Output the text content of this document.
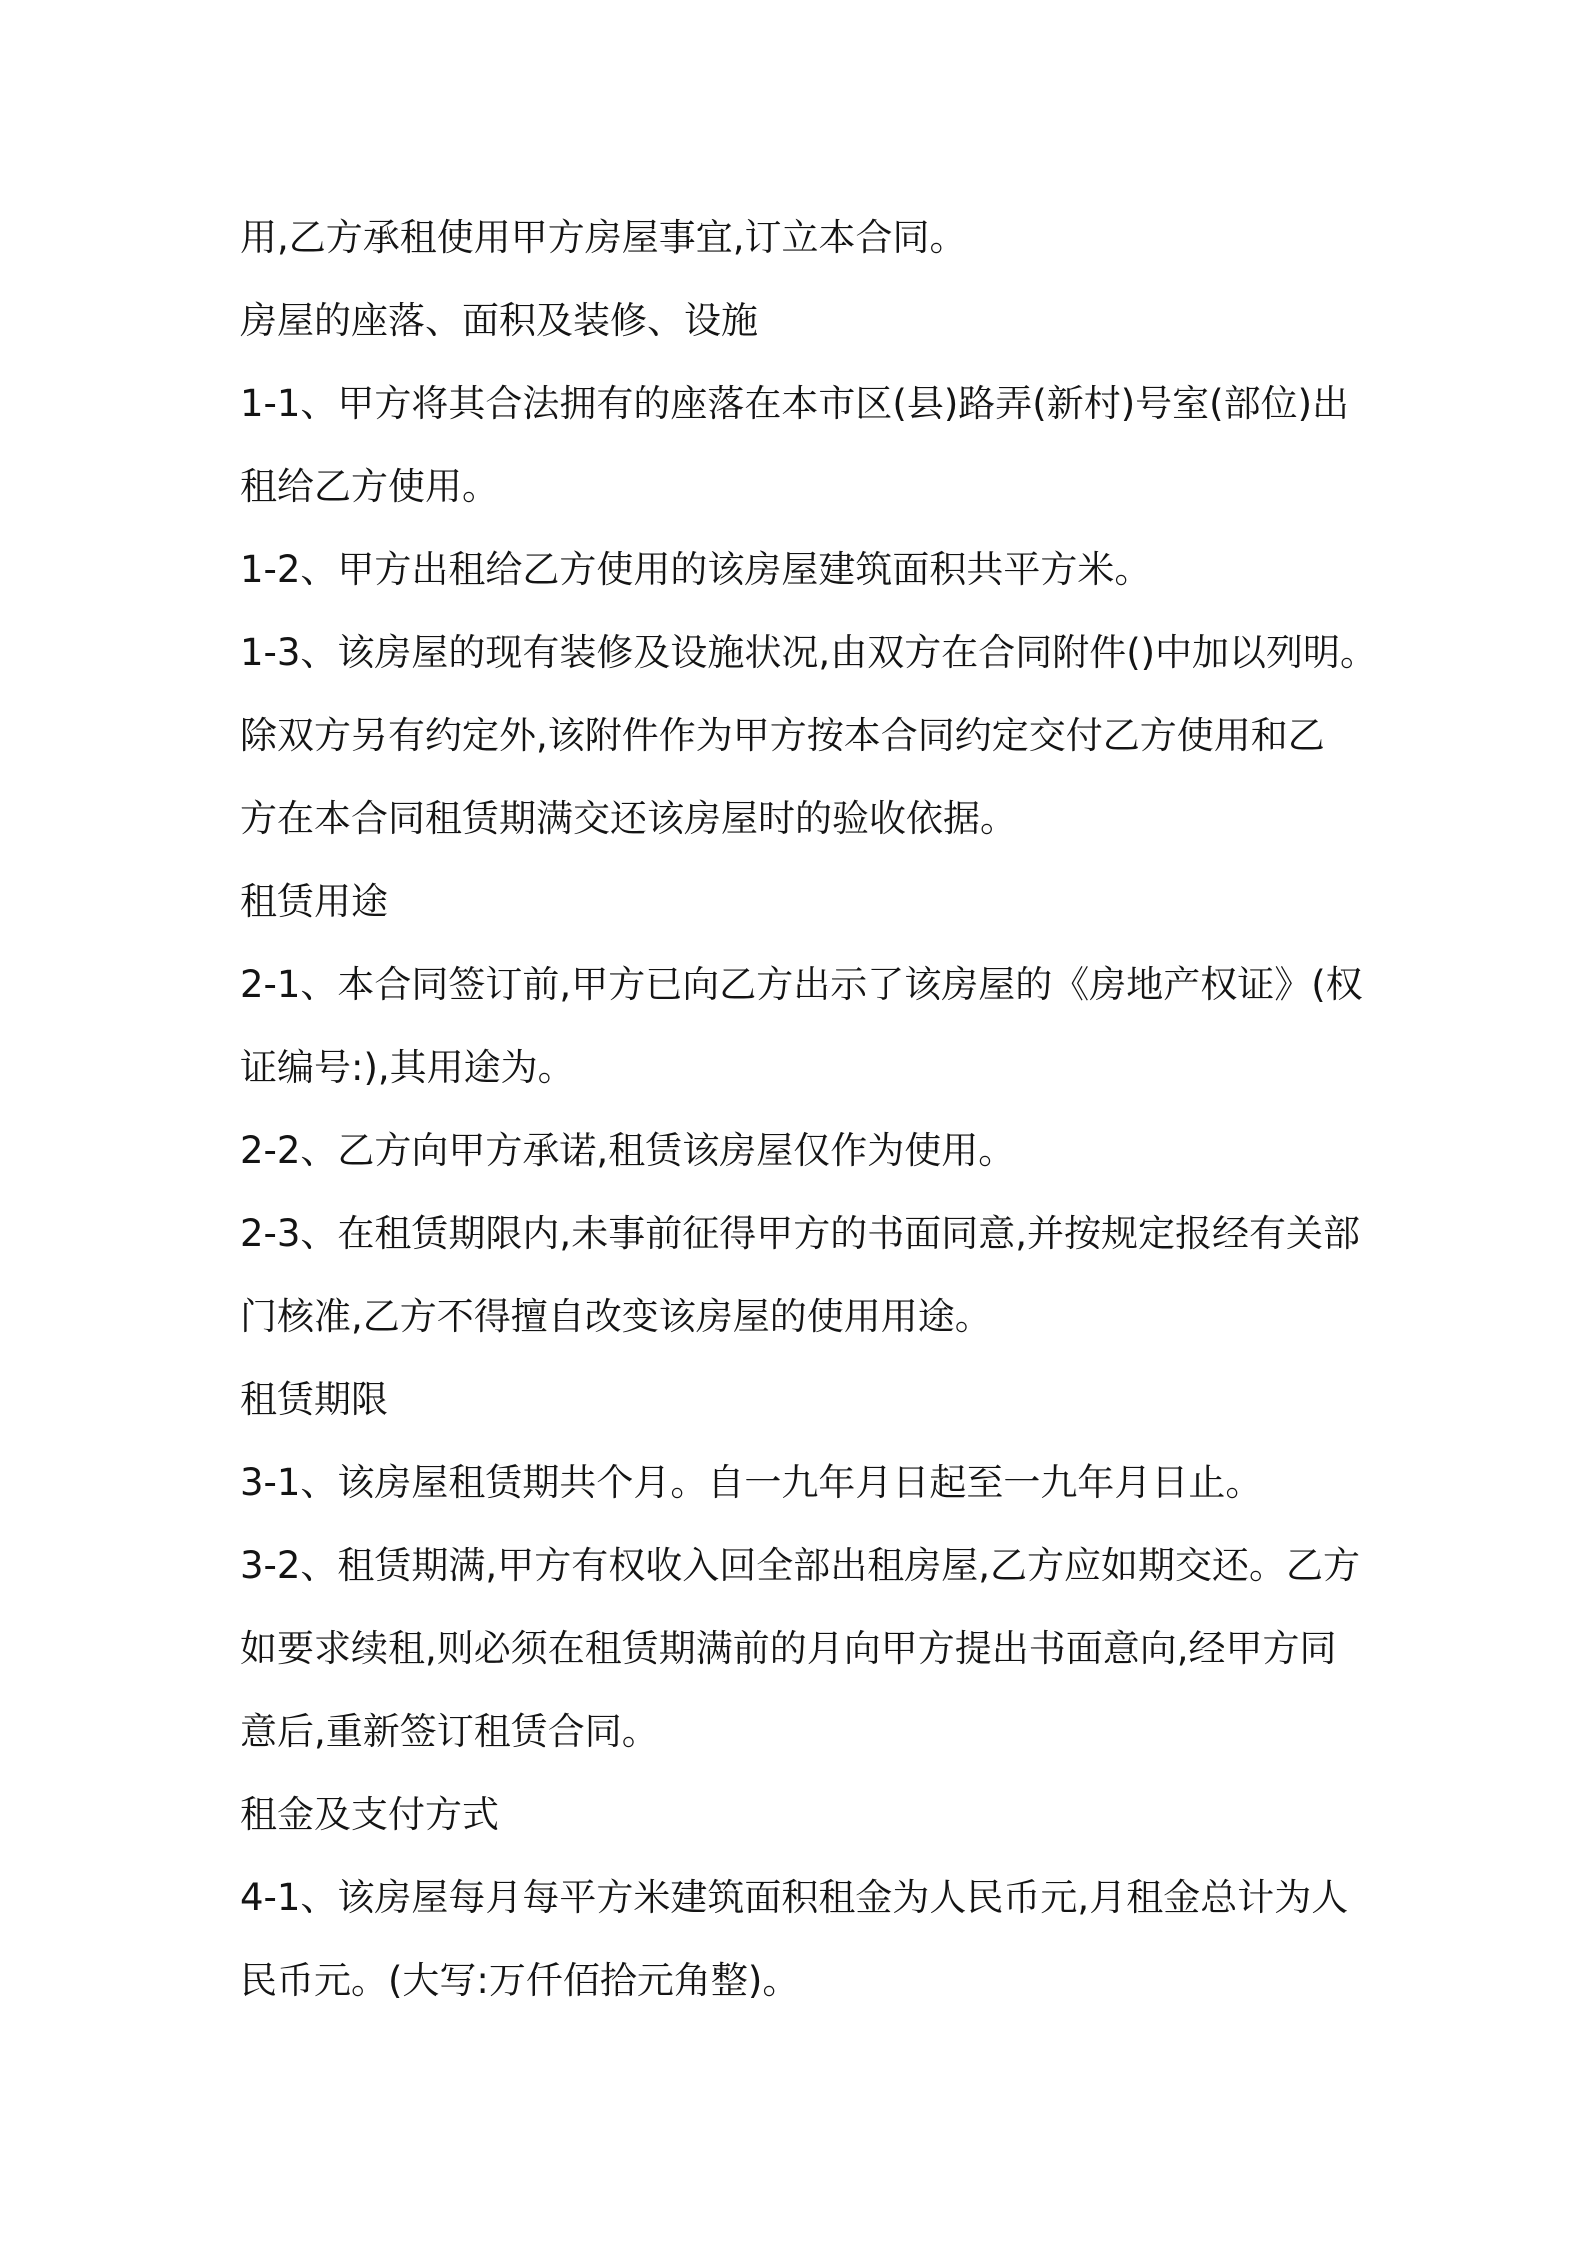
用,乙方承租使用甲方房屋事宜,订立本合同。
房屋的座落、面积及装修、设施
1-1、甲方将其合法拥有的座落在本市区(县)路弄(新村)号室(部位)出
租给乙方使用。
1-2、甲方出租给乙方使用的该房屋建筑面积共平方米。
1-3、该房屋的现有装修及设施状况,由双方在合同附件()中加以列明。
除双方另有约定外,该附件作为甲方按本合同约定交付乙方使用和乙
方在本合同租赁期满交还该房屋时的验收依据。
租赁用途
2-1、本合同签订前,甲方已向乙方出示了该房屋的《房地产权证》(权
证编号:),其用途为。
2-2、乙方向甲方承诺,租赁该房屋仅作为使用。
2-3、在租赁期限内,未事前征得甲方的书面同意,并按规定报经有关部
门核准,乙方不得擅自改变该房屋的使用用途。
租赁期限
3-1、该房屋租赁期共个月。自一九年月日起至一九年月日止。
3-2、租赁期满,甲方有权收入回全部出租房屋,乙方应如期交还。乙方
如要求续租,则必须在租赁期满前的月向甲方提出书面意向,经甲方同
意后,重新签订租赁合同。
租金及支付方式
4-1、该房屋每月每平方米建筑面积租金为人民币元,月租金总计为人
民币元。(大写:万仟佰拾元角整)。
